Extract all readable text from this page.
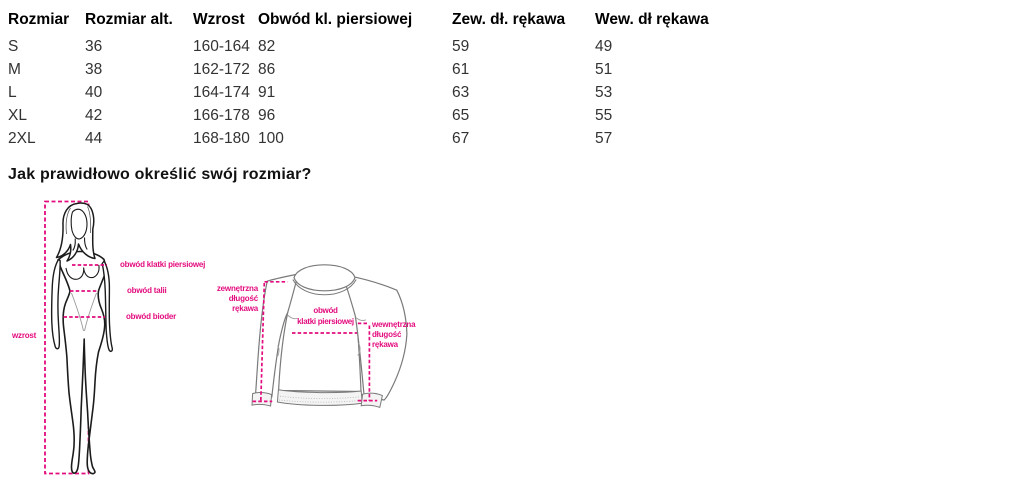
Rozmiar	Rozmiar alt.	Wzrost	Obwód kl. piersiowej	Zew. dł. rękawa	Wew. dł rękawa
S	36	160-164	82	59	49
M	38	162-172	86	61	51
L	40	164-174	91	63	53
XL	42	166-178	96	65	55
2XL	44	168-180	100	67	57
Jak prawidłowo określić swój rozmiar?
obwód klatki piersiowej
obwód talii
obwód bioder
wzrost
zewnętrzna
długość
rękawa	obwód
klatki piersiowej	wewnętrzna
długość
rękawa
